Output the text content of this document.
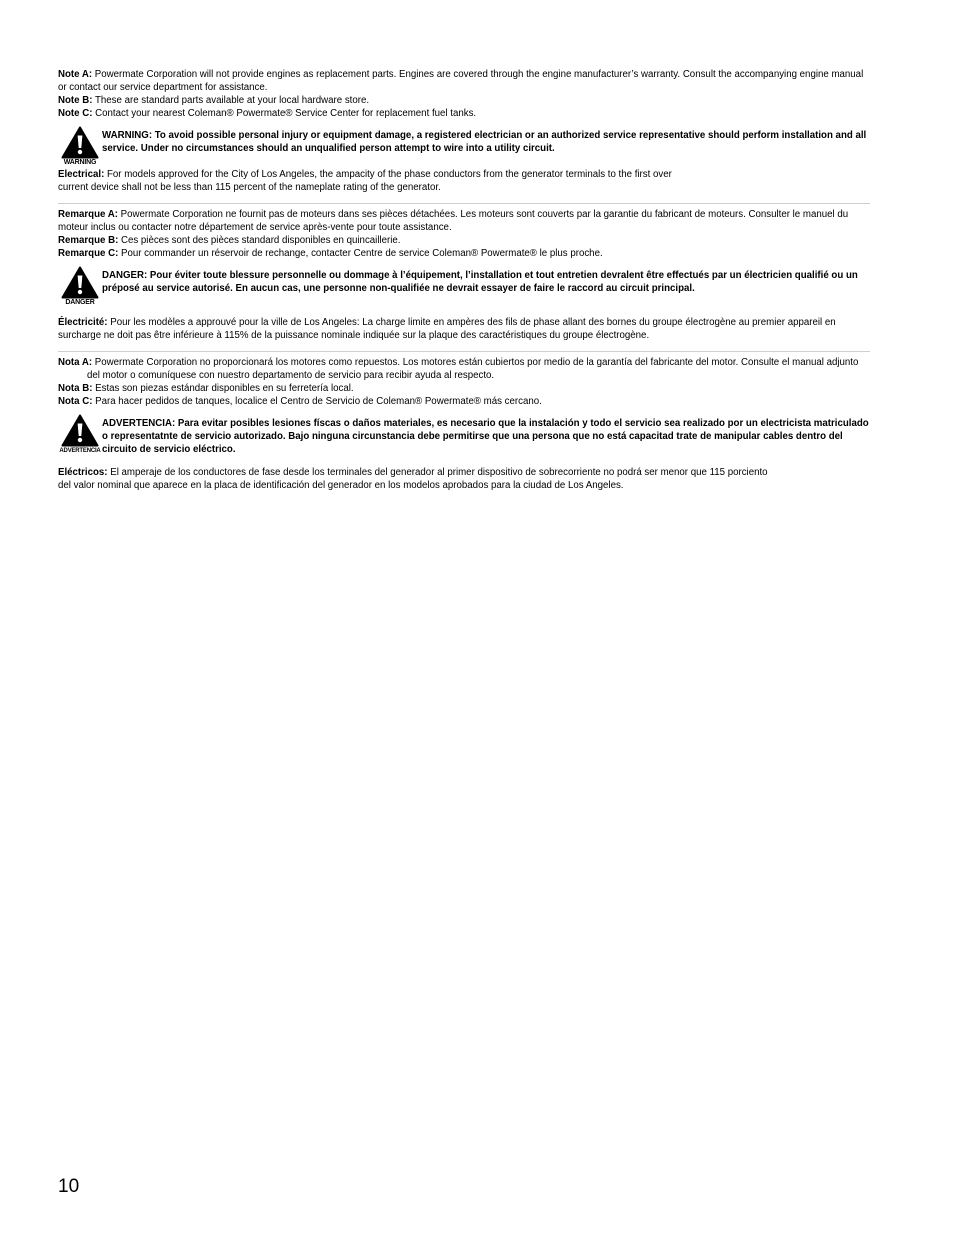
Note A: Powermate Corporation will not provide engines as replacement parts. Engines are covered through the engine manufacturer’s warranty. Consult the accompanying engine manual or contact our service department for assistance.

Note B: These are standard parts available at your local hardware store.

Note C: Contact your nearest Coleman® Powermate® Service Center for replacement fuel tanks.

WARNING
WARNING: To avoid possible personal injury or equipment damage, a registered electrician or an authorized service representative should perform installation and all service. Under no circumstances should an unqualified person attempt to wire into a utility circuit.

Electrical: For models approved for the City of Los Angeles, the ampacity of the phase conductors from the generator terminals to the first over
current device shall not be less than 115 percent of the nameplate rating of the generator.

Remarque A: Powermate Corporation ne fournit pas de moteurs dans ses pièces détachées. Les moteurs sont couverts par la garantie du fabricant de moteurs. Consulter le manuel du moteur inclus ou contacter notre département de service après-vente pour toute assistance.

Remarque B: Ces pièces sont des pièces standard disponibles en quincaillerie.

Remarque C: Pour commander un réservoir de rechange, contacter Centre de service Coleman® Powermate® le plus proche.

DANGER
DANGER: Pour éviter toute blessure personnelle ou dommage à l’équipement, l’installation et tout entretien devralent être effectués par un électricien qualifié ou un préposé au service autorisé. En aucun cas, une personne non-qualifiée ne devrait essayer de faire le raccord au circuit principal.

Électricité: Pour les modèles a approuvé pour la ville de Los Angeles: La charge limite en ampères des fils de phase allant des bornes du groupe électrogène au premier appareil en surcharge ne doit pas être inférieure à 115% de la puissance nominale indiquée sur la plaque des caractéristiques du groupe électrogène.

Nota A: Powermate Corporation no proporcionará los motores como repuestos. Los motores están cubiertos por medio de la garantía del fabricante del motor. Consulte el manual adjunto del motor o comuníquese con nuestro departamento de servicio para recibir ayuda al respecto.

Nota B: Estas son piezas estándar disponibles en su ferretería local.

Nota C: Para hacer pedidos de tanques, localice el Centro de Servicio de Coleman® Powermate® más cercano.

ADVERTENCIA
ADVERTENCIA: Para evitar posibles lesiones físcas o daños materiales, es necesario que la instalación y todo el servicio sea realizado por un electricista matriculado o representatnte de servicio autorizado. Bajo ninguna circunstancia debe permitirse que una persona que no está capacitad trate de manipular cables dentro del circuito de servicio eléctrico.

Eléctricos: El amperaje de los conductores de fase desde los terminales del generador al primer dispositivo de sobrecorriente no podrá ser menor que 115 porciento
del valor nominal que aparece en la placa de identificación del generador en los modelos aprobados para la ciudad de Los Angeles.

10
